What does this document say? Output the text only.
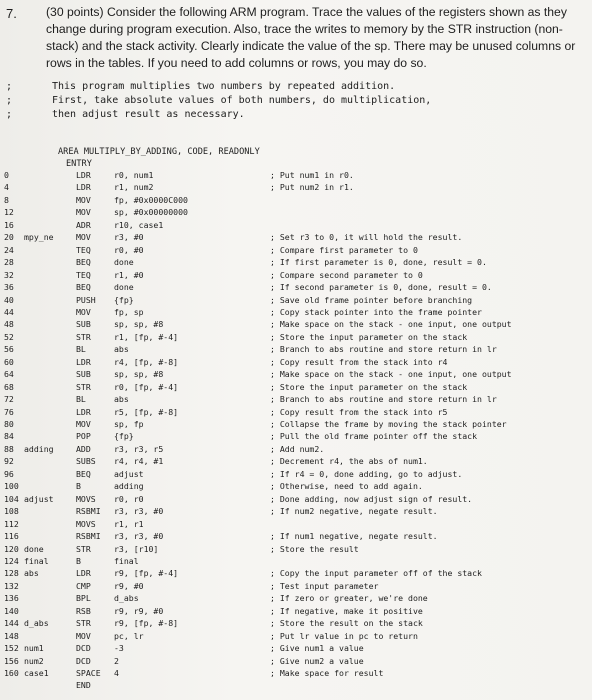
7. (30 points) Consider the following ARM program. Trace the values of the registers shown as they change during program execution. Also, trace the writes to memory by the STR instruction (non-stack) and the stack activity. Clearly indicate the value of the sp. There may be unused columns or rows in the tables. If you need to add columns or rows, you may do so.
;	This program multiplies two numbers by repeated addition.
;	First, take absolute values of both numbers, do multiplication,
;	then adjust result as necessary.
AREA MULTIPLY_BY_ADDING, CODE, READONLY
ENTRY
0	LDR	r0, num1	; Put num1 in r0.
4	LDR	r1, num2	; Put num2 in r1.
8	MOV	fp, #0x0000C000
12	MOV	sp, #0x00000000
16	ADR	r10, case1
20 mpy_ne	MOV	r3, #0	; Set r3 to 0, it will hold the result.
24	TEQ	r0, #0	; Compare first parameter to 0
28	BEQ	done	; If first parameter is 0, done, result = 0.
32	TEQ	r1, #0	; Compare second parameter to 0
36	BEQ	done	; If second parameter is 0, done, result = 0.
40	PUSH {fp}	; Save old frame pointer before branching
44	MOV	fp, sp	; Copy stack pointer into the frame pointer
48	SUB	sp, sp, #8	; Make space on the stack - one input, one output
52	STR	r1, [fp, #-4]	; Store the input parameter on the stack
56	BL	abs	; Branch to abs routine and store return in lr
60	LDR	r4, [fp, #-8]	; Copy result from the stack into r4
64	SUB	sp, sp, #8	; Make space on the stack - one input, one output
68	STR	r0, [fp, #-4]	; Store the input parameter on the stack
72	BL	abs	; Branch to abs routine and store return in lr
76	LDR	r5, [fp, #-8]	; Copy result from the stack into r5
80	MOV	sp, fp	; Collapse the frame by moving the stack pointer
84	POP	{fp}	; Pull the old frame pointer off the stack
88 adding	ADD	r3, r3, r5	; Add num2.
92	SUBS r4, r4, #1	; Decrement r4, the abs of num1.
96	BEQ	adjust	; If r4 = 0, done adding, go to adjust.
100	B	adding	; Otherwise, need to add again.
104 adjust	MOVS r0, r0	; Done adding, now adjust sign of result.
108	RSBMI r3, r3, #0	; If num2 negative, negate result.
112	MOVS r1, r1
116	RSBMI r3, r3, #0	; If num1 negative, negate result.
120 done	STR	r3, [r10]	; Store the result
124 final	B	final
128 abs	LDR	r9, [fp, #-4]	; Copy the input parameter off of the stack
132	CMP	r9, #0	; Test input parameter
136	BPL	d_abs	; If zero or greater, we're done
140	RSB	r9, r9, #0	; If negative, make it positive
144 d_abs	STR	r9, [fp, #-8]	; Store the result on the stack
148	MOV	pc, lr	; Put lr value in pc to return
152 num1	DCD	-3	; Give num1 a value
156 num2	DCD	2	; Give num2 a value
160 case1	SPACE 4	; Make space for result
END
